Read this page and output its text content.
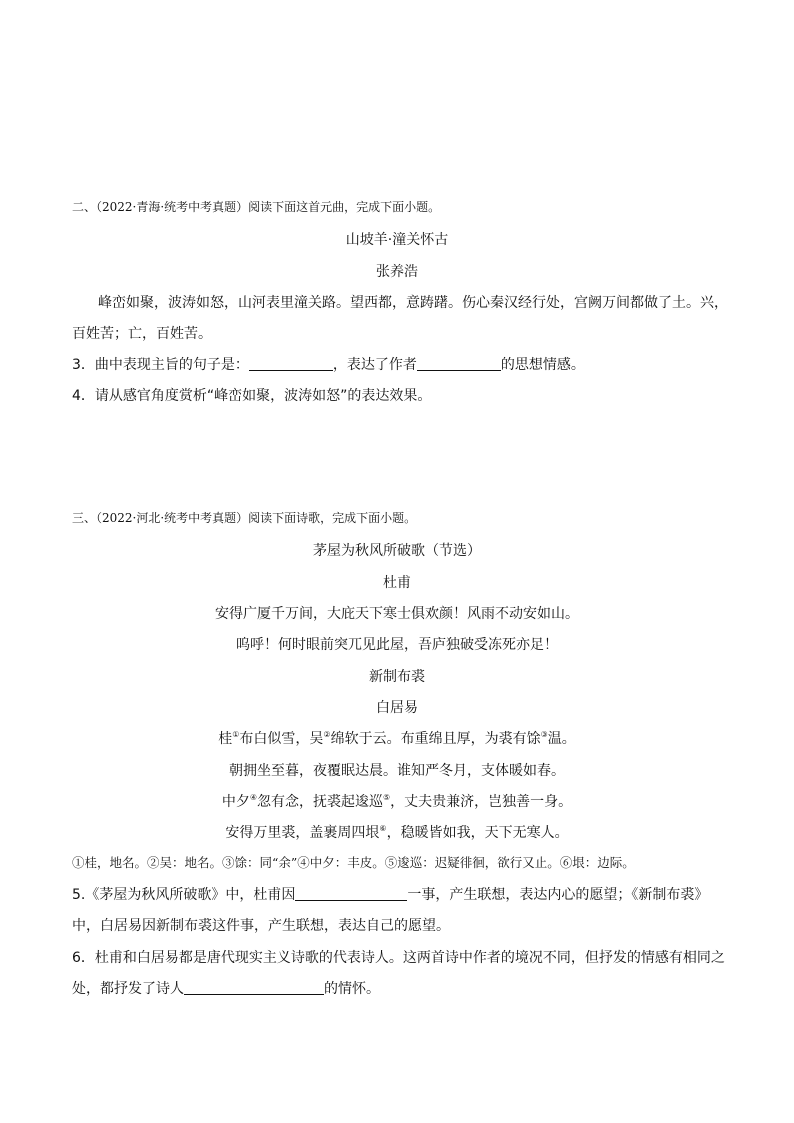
二、（2022·青海·统考中考真题）阅读下面这首元曲，完成下面小题。
山坡羊·潼关怀古
张养浩
峰峦如聚，波涛如怒，山河表里潼关路。望西都，意踌躇。伤心秦汉经行处，宫阙万间都做了土。兴，
百姓苦；亡，百姓苦。
3．曲中表现主旨的句子是：	，表达了作者	的思想情感。
4．请从感官角度赏析“峰峦如聚，波涛如怒”的表达效果。
三、（2022·河北·统考中考真题）阅读下面诗歌，完成下面小题。
茅屋为秋风所破歌（节选）
杜甫
安得广厦千万间，大庇天下寒士俱欢颜！风雨不动安如山。
呜呼！何时眼前突兀见此屋，吾庐独破受冻死亦足！
新制布裘
白居易
桂①布白似雪，吴②绵软于云。布重绵且厚，为裘有馀③温。
朝拥坐至暮，夜覆眠达晨。谁知严冬月，支体暖如春。
中夕④忽有念，抚裘起逡巡⑤，丈夫贵兼济，岂独善一身。
安得万里裘，盖裹周四垠⑥，稳暖皆如我，天下无寒人。
①桂，地名。②吴：地名。③馀：同“余”④中夕：丰皮。⑤逡巡：迟疑徘徊，欲行又止。⑥垠：边际。
5.《茅屋为秋风所破歌》中，杜甫因	一事，产生联想，表达内心的愿望；《新制布裘》
中，白居易因新制布裘这件事，产生联想，表达自己的愿望。
6．杜甫和白居易都是唐代现实主义诗歌的代表诗人。这两首诗中作者的境况不同，但抒发的情感有相同之
处，都抒发了诗人	的情怀。
